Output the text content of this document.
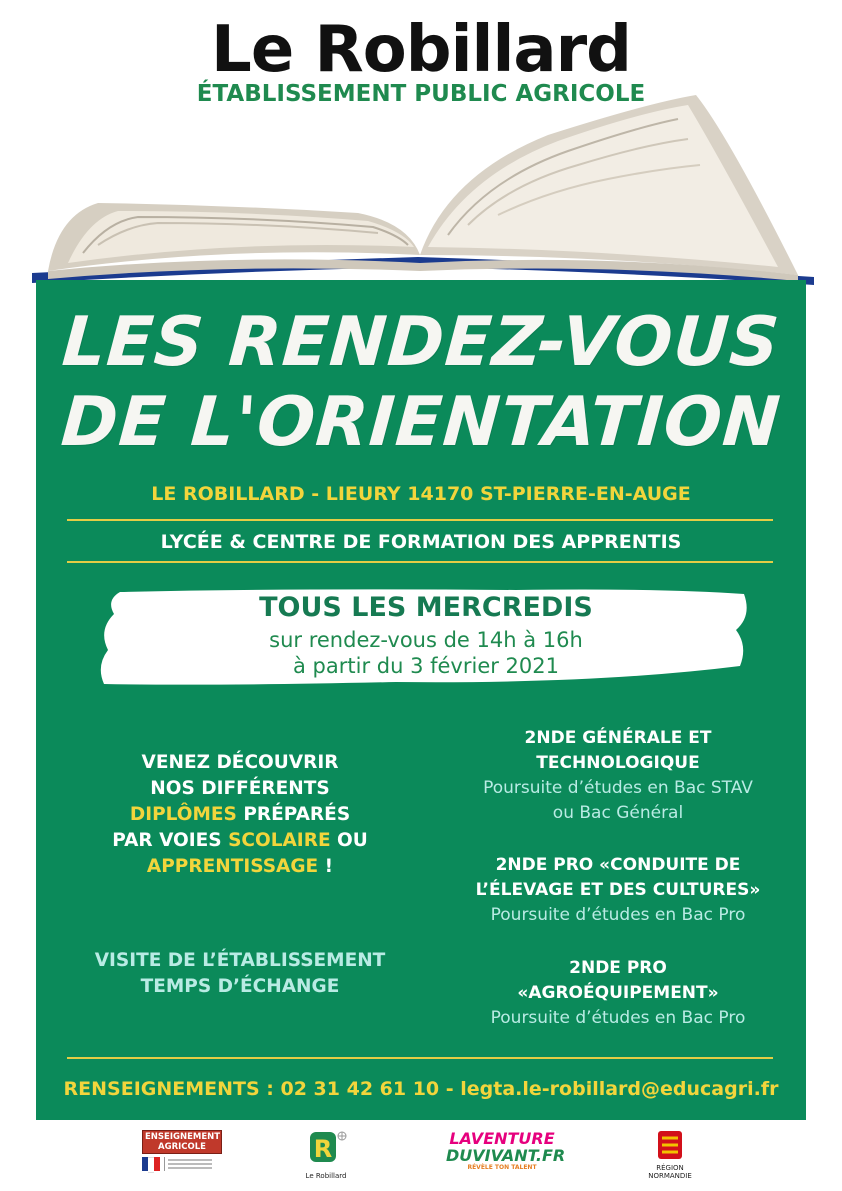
Le Robillard
ÉTABLISSEMENT PUBLIC AGRICOLE
LES RENDEZ-VOUS
DE L'ORIENTATION
LE ROBILLARD - LIEURY 14170 ST-PIERRE-EN-AUGE
LYCÉE & CENTRE DE FORMATION DES APPRENTIS
TOUS LES MERCREDIS
sur rendez-vous de 14h à 16h
à partir du 3 février 2021
VENEZ DÉCOUVRIR
NOS DIFFÉRENTS
DIPLÔMES PRÉPARÉS
PAR VOIES SCOLAIRE OU
APPRENTISSAGE !
VISITE DE L’ÉTABLISSEMENT
TEMPS D’ÉCHANGE
2NDE GÉNÉRALE ET
TECHNOLOGIQUE
Poursuite d’études en Bac STAV
ou Bac Général
2NDE PRO «CONDUITE DE
L’ÉLEVAGE ET DES CULTURES»
Poursuite d’études en Bac Pro
2NDE PRO
«AGROÉQUIPEMENT»
Poursuite d’études en Bac Pro
RENSEIGNEMENTS : 02 31 42 61 10 - legta.le-robillard@educagri.fr
ENSEIGNEMENT
AGRICOLE	R
Le Robillard
LAVENTURE
DUVIVANT.FR
RÉVÈLE TON TALENT	RÉGION
NORMANDIE
